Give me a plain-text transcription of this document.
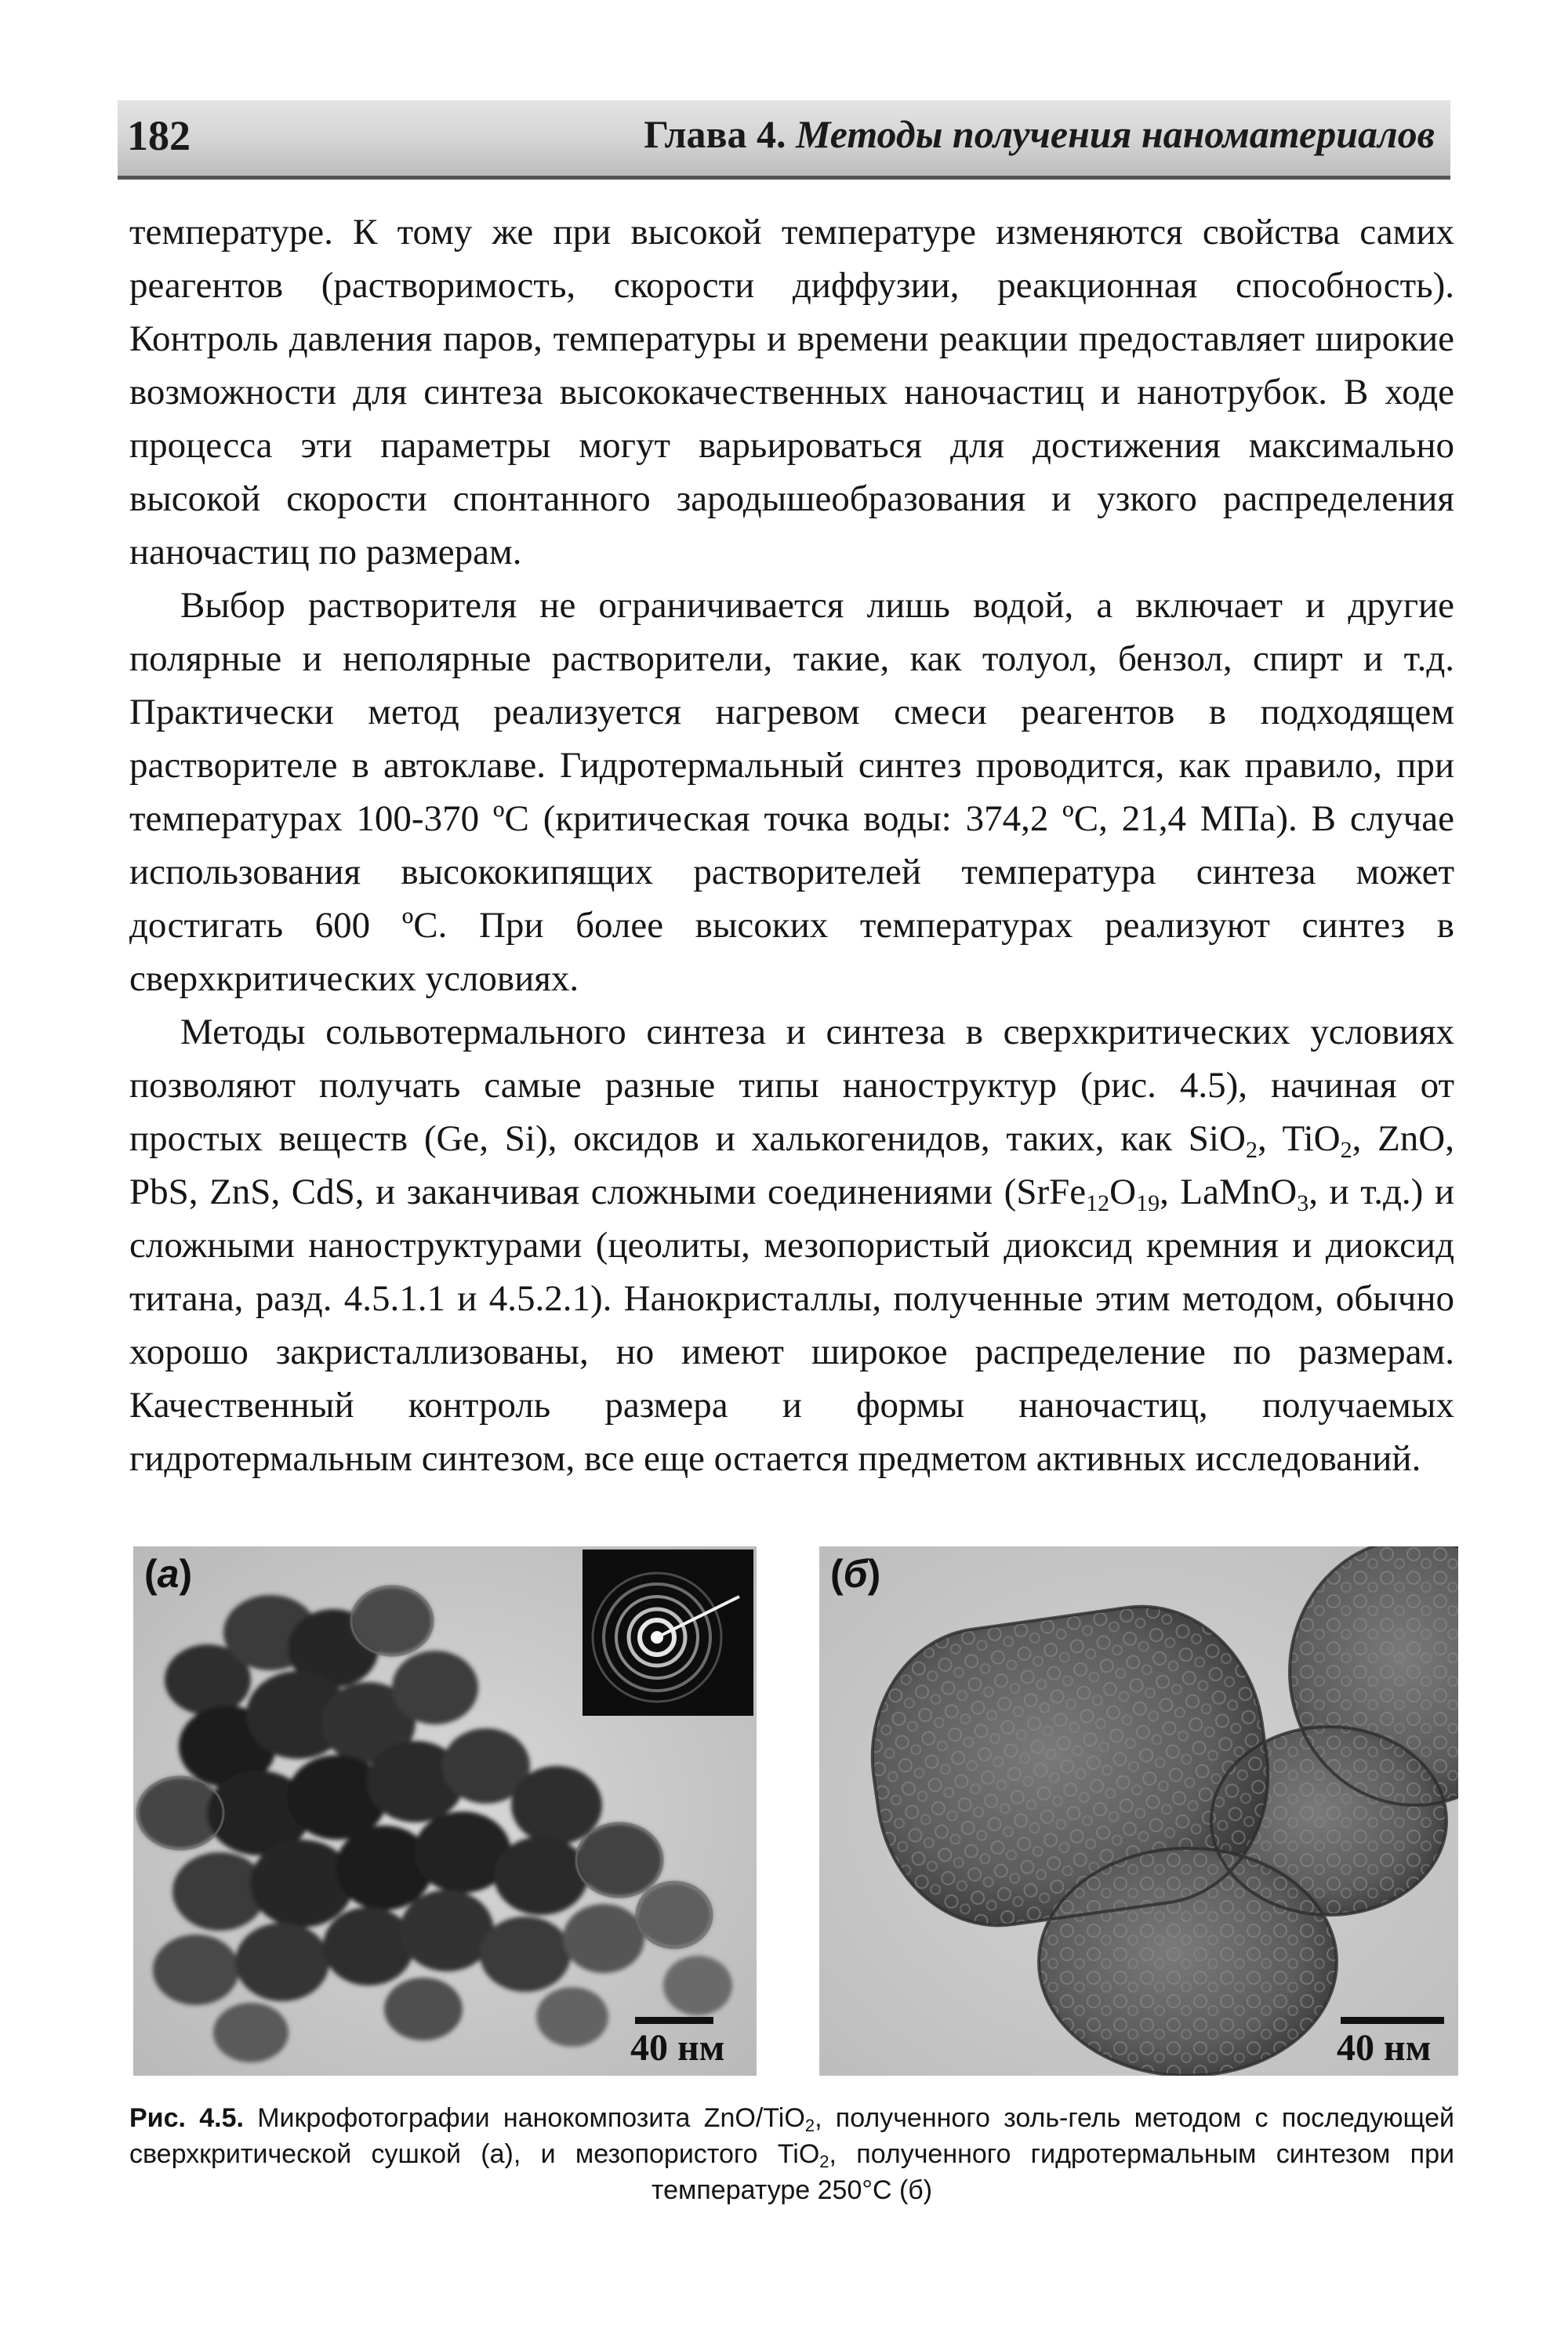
182	Глава 4. Методы получения наноматериалов

температуре. К тому же при высокой температуре изменяются свойства самих реагентов (растворимость, скорости диффузии, реакционная способность). Контроль давления паров, температуры и времени реакции предоставляет широкие возможности для синтеза высококачественных наночастиц и нанотрубок. В ходе процесса эти параметры могут варьироваться для достижения максимально высокой скорости спонтанного зародышеобразования и узкого распределения наночастиц по размерам.

Выбор растворителя не ограничивается лишь водой, а включает и другие полярные и неполярные растворители, такие, как толуол, бензол, спирт и т.д. Практически метод реализуется нагревом смеси реагентов в подходящем растворителе в автоклаве. Гидротермальный синтез проводится, как правило, при температурах 100-370 ºС (критическая точка воды: 374,2 ºС, 21,4 МПа). В случае использования высококипящих растворителей температура синтеза может достигать 600 ºС. При более высоких температурах реализуют синтез в сверхкритических условиях.

Методы сольвотермального синтеза и синтеза в сверхкритических условиях позволяют получать самые разные типы наноструктур (рис. 4.5), начиная от простых веществ (Ge, Si), оксидов и халькогенидов, таких, как SiO$_2$, TiO$_2$, ZnO, PbS, ZnS, CdS, и заканчивая сложными соединениями ($SrFe_{12}O_{19}$, LaMnO$_3$, и т.д.) и сложными наноструктурами (цеолиты, мезопористый диоксид кремния и диоксид титана, разд. 4.5.1.1 и 4.5.2.1). Нанокристаллы, полученные этим методом, обычно хорошо закристаллизованы, но имеют широкое распределение по размерам. Качественный контроль размера и формы наночастиц, получаемых гидротермальным синтезом, все еще остается предметом активных исследований.

(a)
40 нм
(б)
40 нм
Рис. 4.5. Микрофотографии нанокомпозита ZnO/TiO$_2$, полученного золь-гель методом с последующей сверхкритической сушкой (а), и мезопористого TiO$_2$, полученного гидротермальным синтезом при температуре 250°С (б)
